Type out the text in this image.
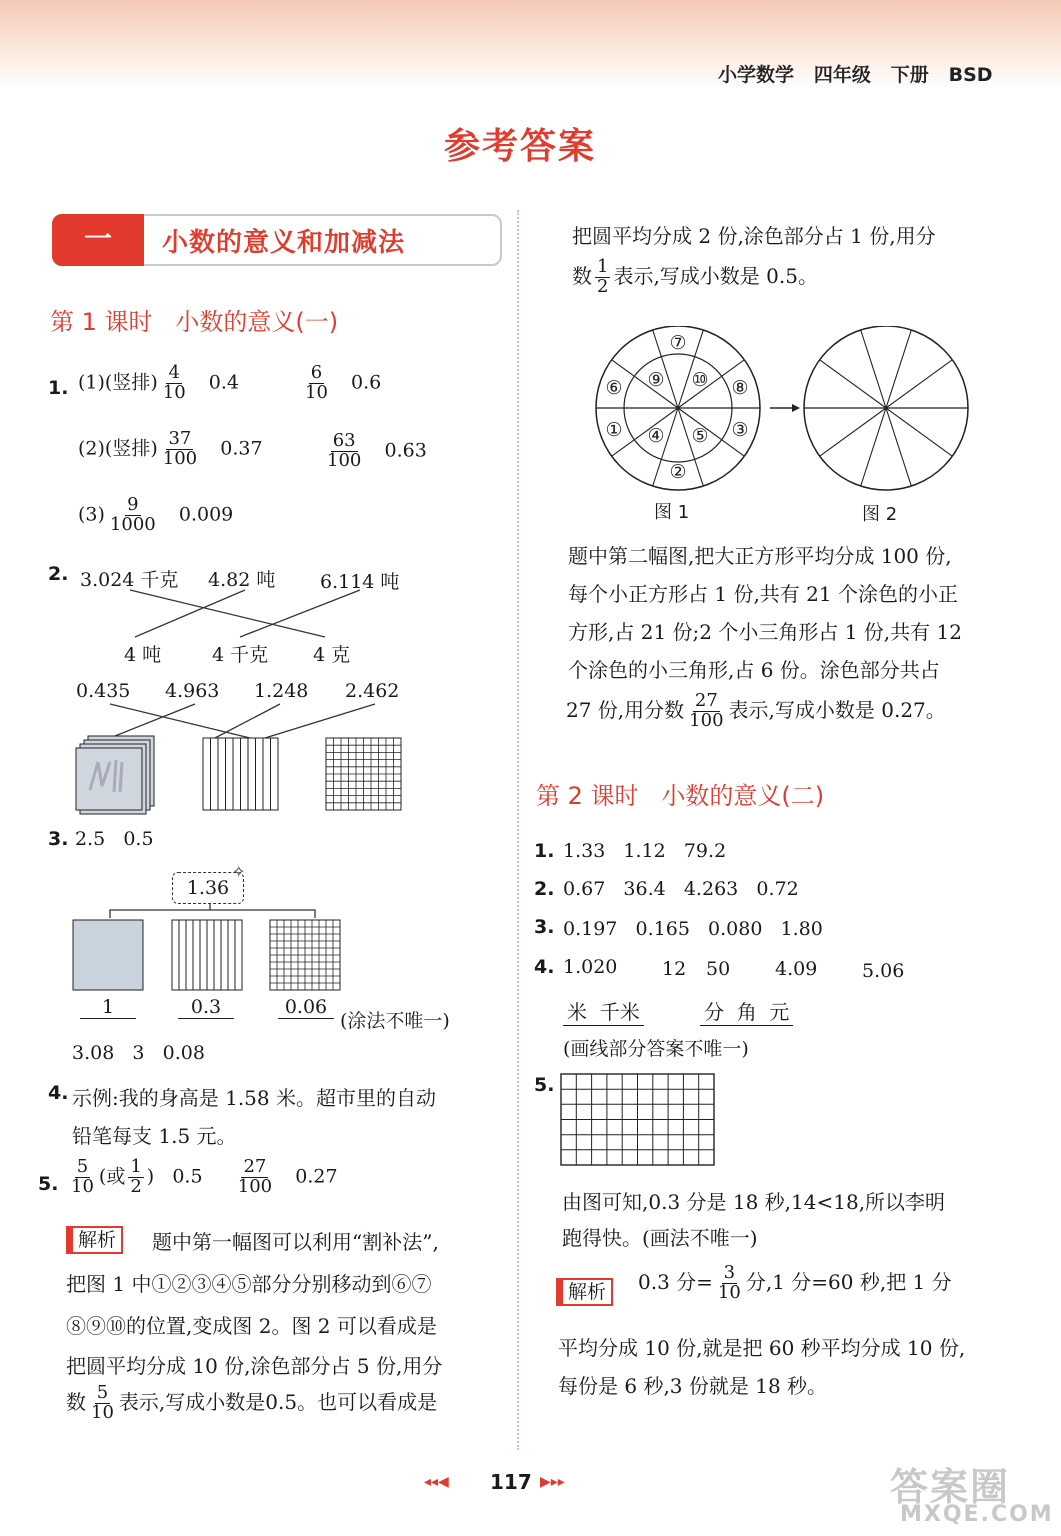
小学数学 四年级 下册 BSD
参考答案
一	小数的意义和加减法
第 1 课时 小数的意义(一)
1. (1)(竖排) $\frac{4}{10} 0.4$	$\frac{6}{10} 0.6$
(2)(竖排) $\frac{37}{100} 0.37$	$\frac{63}{100} 0.63$
$(3) \frac{9}{1000} 0.009$
2. 3.024 千克 4.82 吨 6.114 吨
4 吨	4 千克 4 克
0.435 4.963 1.248 2.462
3. 2.5   0.5
1.36
✧
1	0.3	0.06
(涂法不唯一)
3.08   3   0.08
4. 示例:我的身高是 1.58 米。超市里的自动
铅笔每支 1.5 元。
5. $\frac{5}{10}$ (或 $\frac{1}{2}$ ) $0.5 \frac{27}{100} 0.27$
解析	题中第一幅图可以利用“割补法”,
把图 1 中①②③④⑤部分分别移动到⑥⑦
⑧⑨⑩的位置,变成图 2。图 2 可以看成是
把圆平均分成 10 份,涂色部分占 5 份,用分
数 $\frac{5}{10}$ 表示,写成小数是0.5。也可以看成是
把圆平均分成 2 份,涂色部分占 1 份,用分
数 $\frac{1}{2}$ 表示,写成小数是 0.5。
⑦
⑨ ⑩
⑥	⑧
① ④ ⑤ ③
②
图 1	图 2
题中第二幅图,把大正方形平均分成 100 份,
每个小正方形占 1 份,共有 21 个涂色的小正
方形,占 21 份;2 个小三角形占 1 份,共有 12
个涂色的小三角形,占 6 份。涂色部分共占
27 份,用分数 $\frac{27}{100}$ 表示,写成小数是 0.27。
第 2 课时 小数的意义(二)
1. 1.33   1.12   79.2
2. 0.67   36.4   4.263   0.72
3. 0.197   0.165   0.080   1.80
4. 1.020 12 50 4.09 5.06
米  千米	分  角  元
(画线部分答案不唯一)
5.
由图可知,0.3 分是 18 秒,14<18,所以李明
跑得快。(画法不唯一)
解析	0.3 分= $\frac{3}{10}$ 分,1 分=60 秒,把 1 分
平均分成 10 份,就是把 60 秒平均分成 10 份,
每份是 6 秒,3 份就是 18 秒。
◂◂◀ 117 ▶▸▸	答案圈
MXQE.COM
